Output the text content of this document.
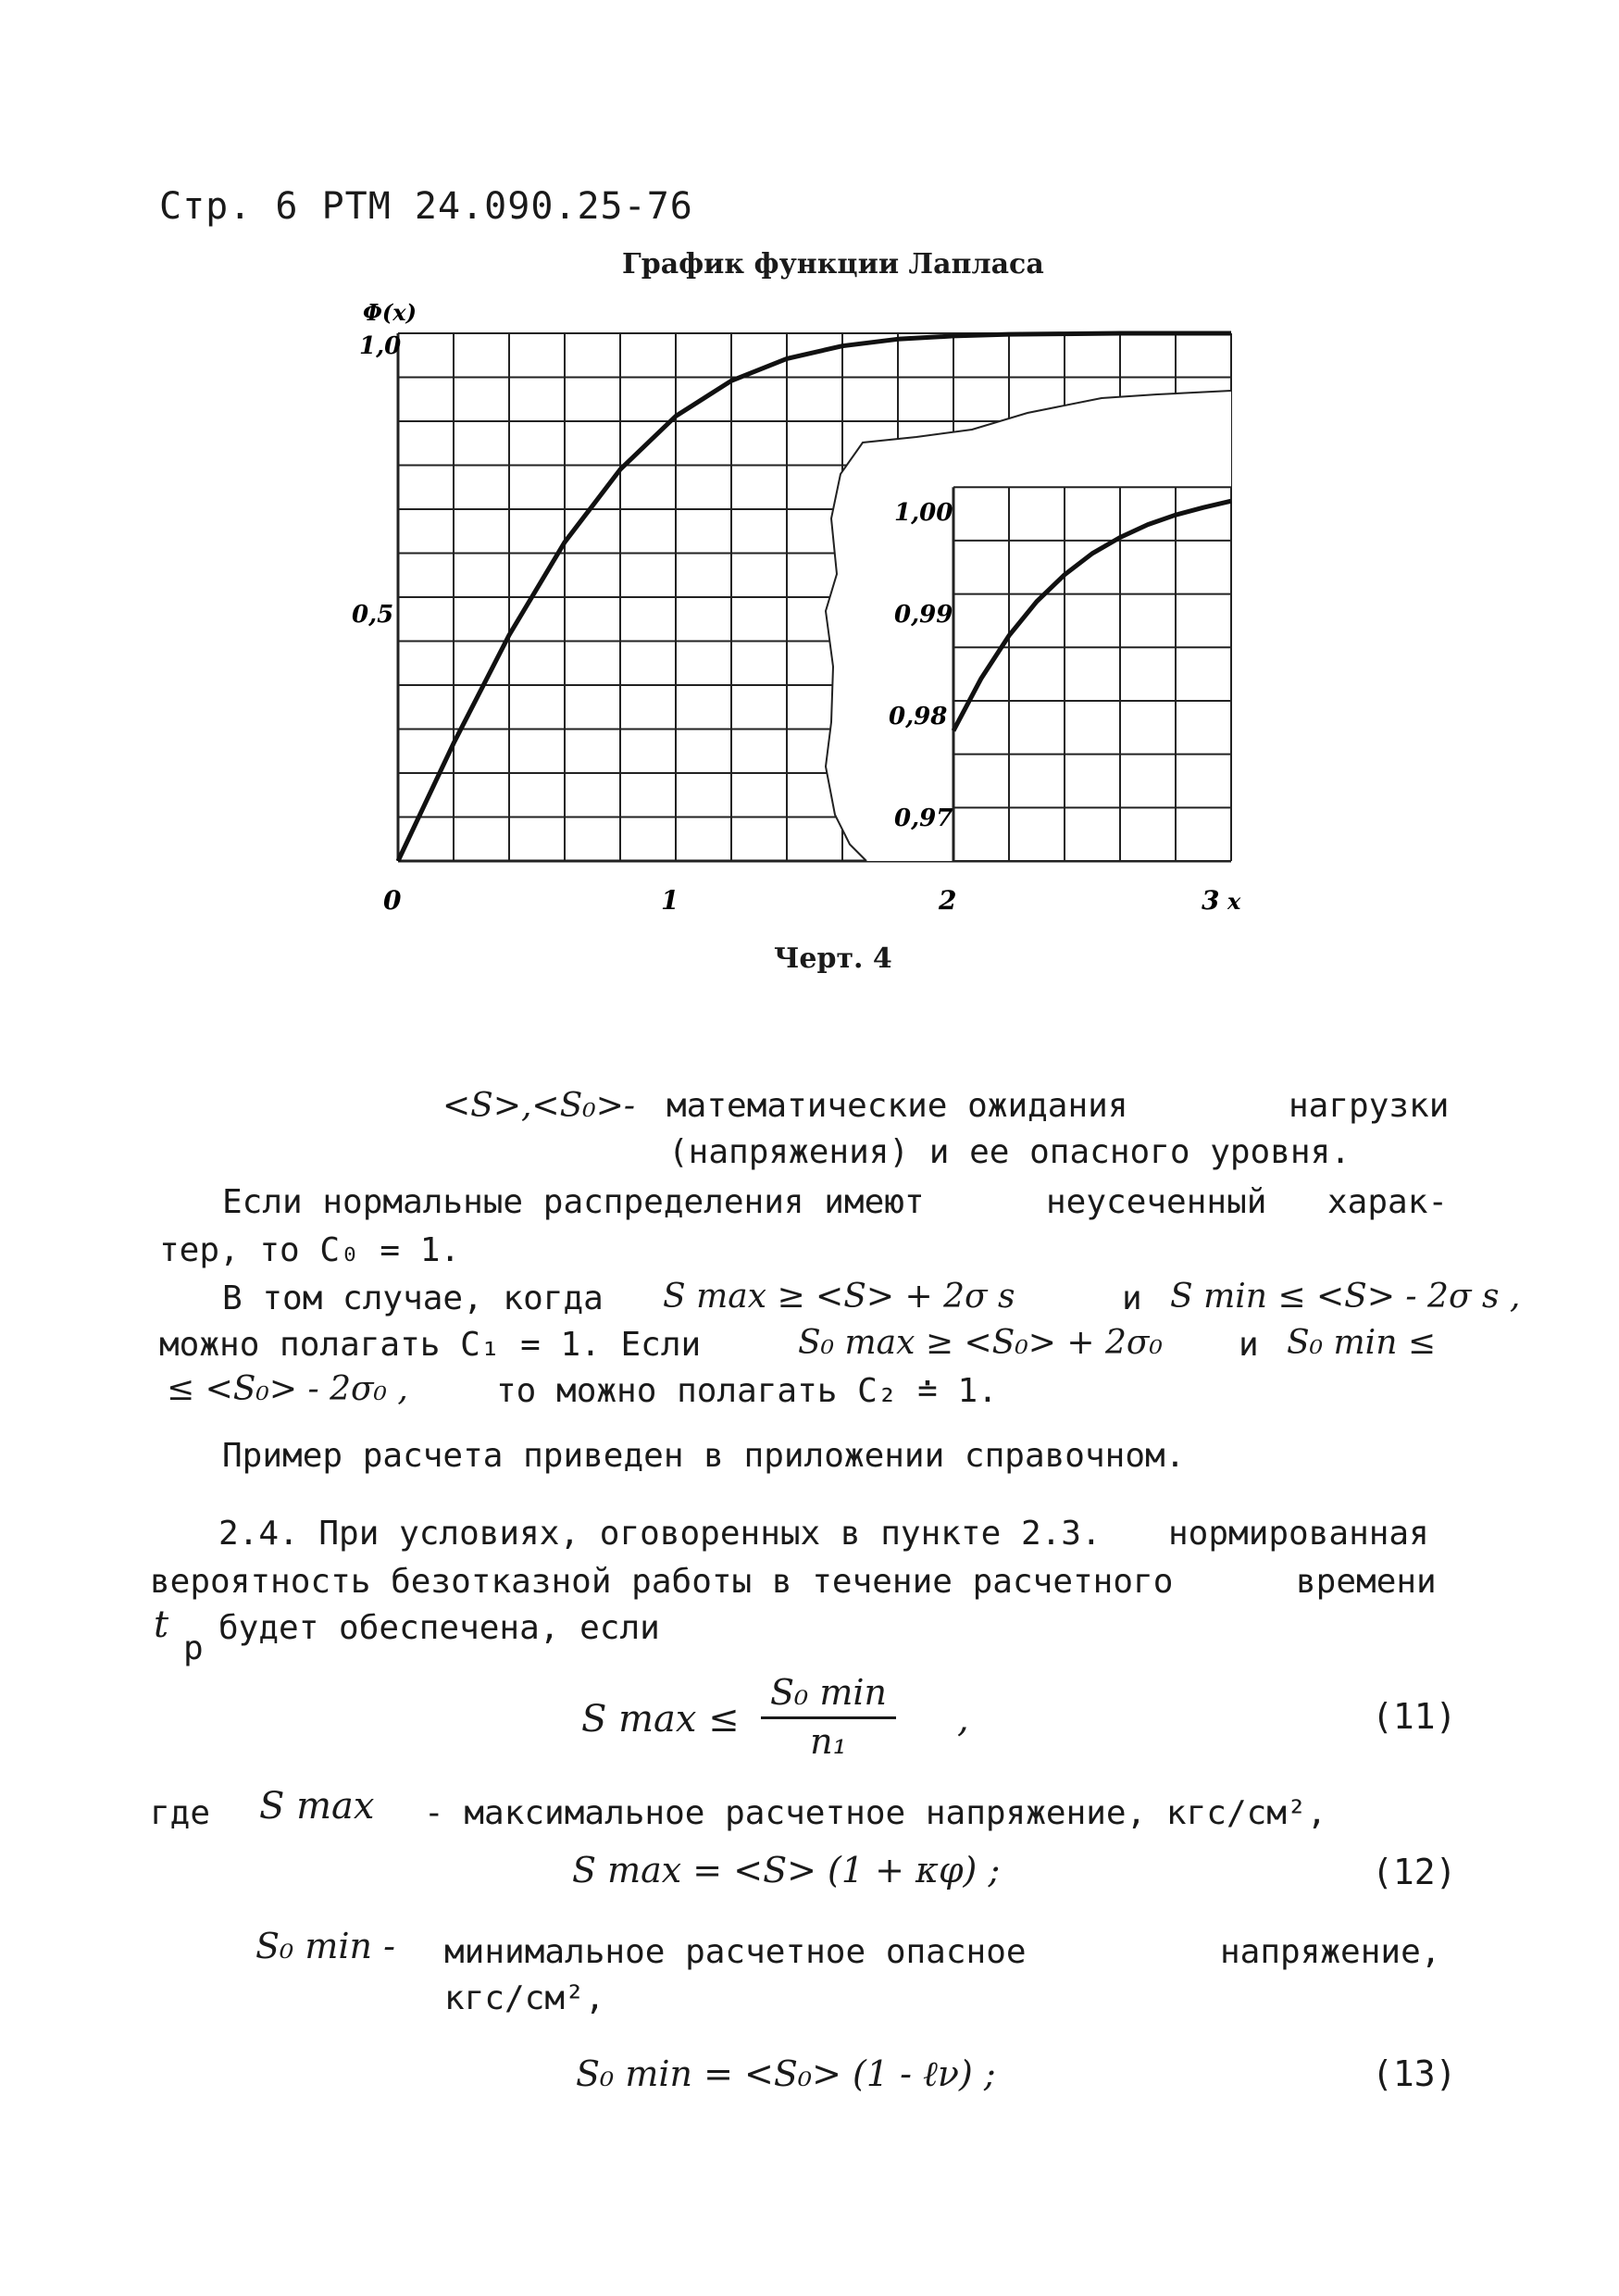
Стр. 6 РТМ 24.090.25-76
График функции Лапласа
Φ(x)
1,0
0,5
0	1	2	3 x
1,00
0,99
0,98
0,97
Черт. 4
<S>,<S₀>- математические ожидания	нагрузки
(напряжения) и ее опасного уровня.
Если нормальные распределения имеют	неусеченный харак-
тер, то C₀ = 1.
В том случае, когда S max ≥ <S> + 2σ s	и S min ≤ <S> - 2σ s ,
можно полагать C₁ = 1. Если	S₀ max ≥ <S₀> + 2σ₀ и S₀ min ≤
≤ <S₀> - 2σ₀ ,	то можно полагать C₂ ≐ 1.
Пример расчета приведен в приложении справочном.
2.4. При условиях, оговоренных в пункте 2.3. нормированная
вероятность безотказной работы в течение расчетного	времени
t
р
будет обеспечена, если
S $\max \le \frac{\text{S₀ min}}{\text{n₁}}$ ,	(11)
где S max - максимальное расчетное напряжение, кгс/см²,
S max = <S> (1 + κφ) ;	(12)
S₀ min - минимальное расчетное опасное	напряжение,
кгс/см²,
S₀ min = <S₀> (1 - ℓν) ;	(13)
